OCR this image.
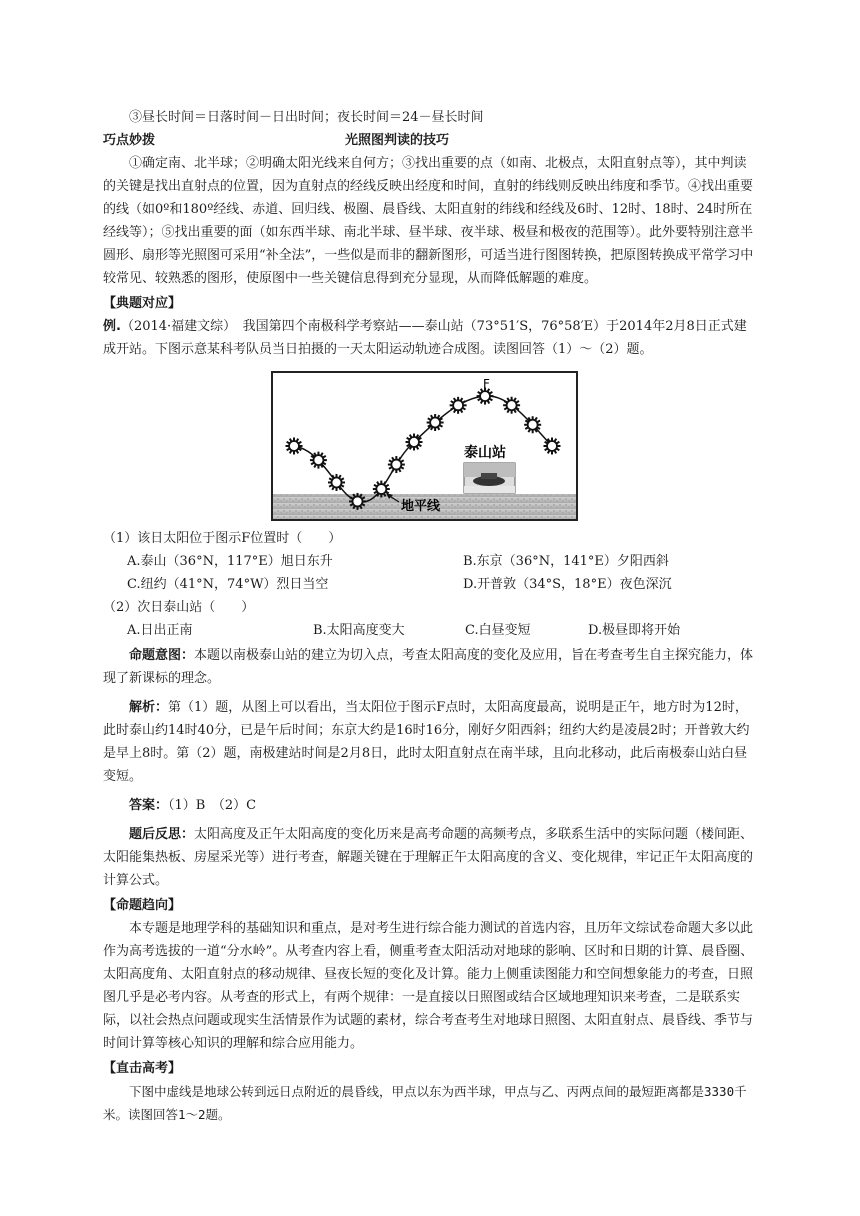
③昼长时间＝日落时间－日出时间；夜长时间＝24－昼长时间

巧点妙拨	光照图判读的技巧

①确定南、北半球；②明确太阳光线来自何方；③找出重要的点（如南、北极点，太阳直射点等），其中判读的关键是找出直射点的位置，因为直射点的经线反映出经度和时间，直射的纬线则反映出纬度和季节。④找出重要的线（如0º和180º经线、赤道、回归线、极圈、晨昏线、太阳直射的纬线和经线及6时、12时、18时、24时所在经线等）；⑤找出重要的面（如东西半球、南北半球、昼半球、夜半球、极昼和极夜的范围等）。此外要特别注意半圆形、扇形等光照图可采用“补全法”，一些似是而非的翻新图形，可适当进行图图转换，把原图转换成平常学习中较常见、较熟悉的图形，使原图中一些关键信息得到充分显现，从而降低解题的难度。

【典题对应】

例.（2014·福建文综）　我国第四个南极科学考察站——泰山站（73°51′S，76°58′E）于2014年2月8日正式建成开站。下图示意某科考队员当日拍摄的一天太阳运动轨迹合成图。读图回答（1）～（2）题。

F
泰山站
地平线

（1）该日太阳位于图示F位置时（　　）

A.泰山（36°N，117°E）旭日东升	B.东京（36°N，141°E）夕阳西斜
C.纽约（41°N，74°W）烈日当空	D.开普敦（34°S，18°E）夜色深沉

（2）次日泰山站（　　）

A.日出正南	B.太阳高度变大	C.白昼变短	D.极昼即将开始

命题意图：本题以南极泰山站的建立为切入点，考查太阳高度的变化及应用，旨在考查考生自主探究能力，体现了新课标的理念。

解析：第（1）题，从图上可以看出，当太阳位于图示F点时，太阳高度最高，说明是正午，地方时为12时，此时泰山约14时40分，已是午后时间；东京大约是16时16分，刚好夕阳西斜；纽约大约是凌晨2时；开普敦大约是早上8时。第（2）题，南极建站时间是2月8日，此时太阳直射点在南半球，且向北移动，此后南极泰山站白昼变短。

答案：（1）B　（2）C

题后反思：太阳高度及正午太阳高度的变化历来是高考命题的高频考点，多联系生活中的实际问题（楼间距、太阳能集热板、房屋采光等）进行考查，解题关键在于理解正午太阳高度的含义、变化规律，牢记正午太阳高度的计算公式。

【命题趋向】

本专题是地理学科的基础知识和重点，是对考生进行综合能力测试的首选内容，且历年文综试卷命题大多以此作为高考选拔的一道“分水岭”。从考查内容上看，侧重考查太阳活动对地球的影响、区时和日期的计算、晨昏圈、太阳高度角、太阳直射点的移动规律、昼夜长短的变化及计算。能力上侧重读图能力和空间想象能力的考查，日照图几乎是必考内容。从考查的形式上，有两个规律：一是直接以日照图或结合区域地理知识来考查，二是联系实际，以社会热点问题或现实生活情景作为试题的素材，综合考查考生对地球日照图、太阳直射点、晨昏线、季节与时间计算等核心知识的理解和综合应用能力。

【直击高考】

下图中虚线是地球公转到远日点附近的晨昏线，甲点以东为西半球，甲点与乙、丙两点间的最短距离都是3330千米。读图回答1～2题。
